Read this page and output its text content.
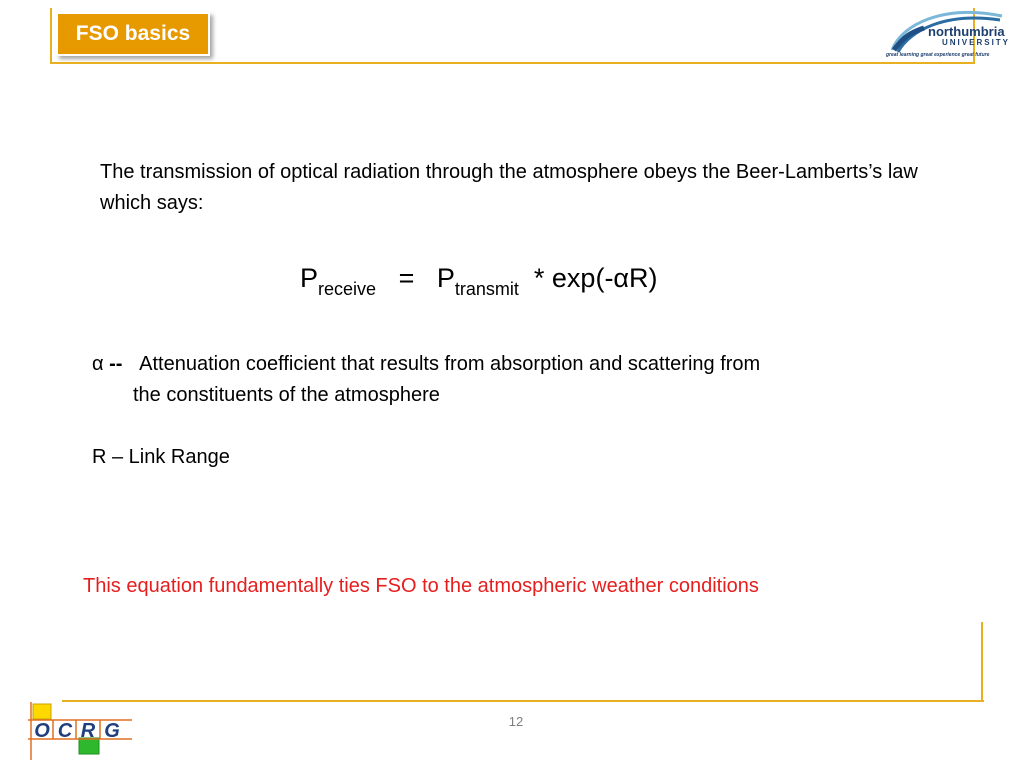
FSO basics	northumbria
UNIVERSITY
great learning great experience great future
The transmission of optical radiation through the atmosphere obeys the Beer-Lamberts’s law which says:
$P_{receive} = P_{transmit} * \exp(-\alpha R)$
α -- Attenuation coefficient that results from absorption and scattering from
the constituents of the atmosphere
R – Link Range
This equation fundamentally ties FSO to the atmospheric weather conditions
O C R G	12
